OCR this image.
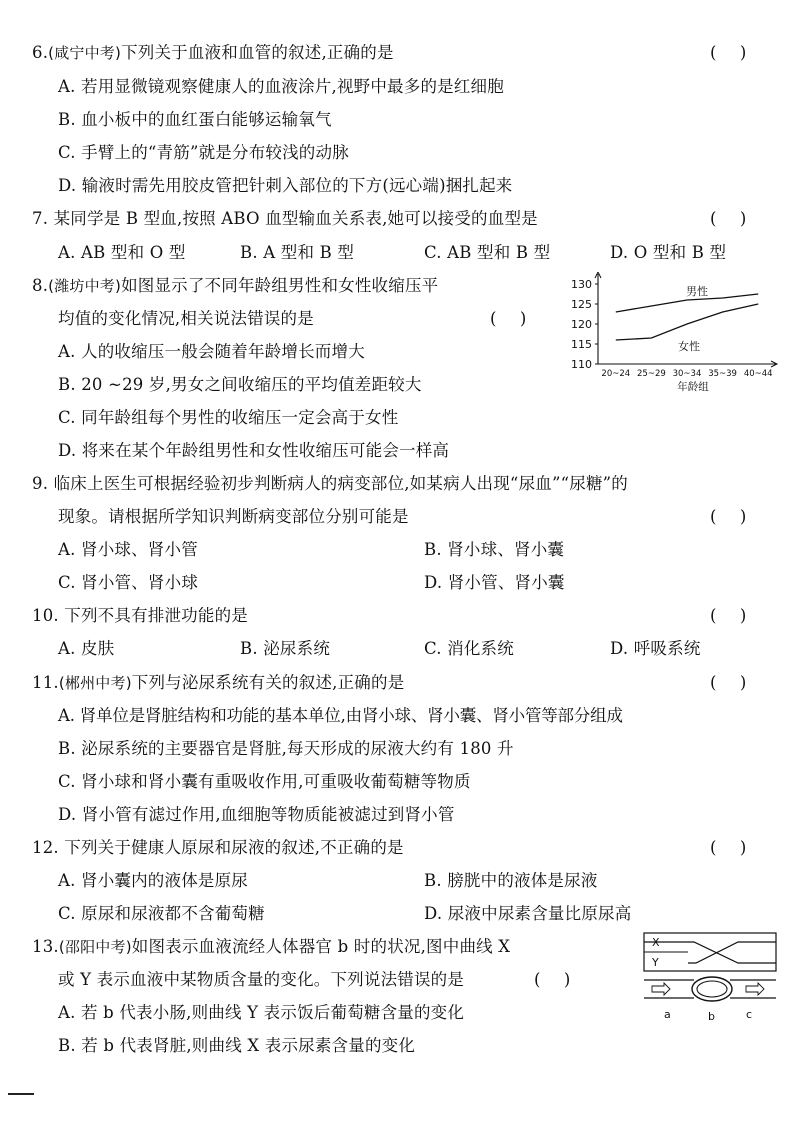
6.(咸宁中考)下列关于血液和血管的叙述,正确的是	(    )
A. 若用显微镜观察健康人的血液涂片,视野中最多的是红细胞
B. 血小板中的血红蛋白能够运输氧气
C. 手臂上的“青筋”就是分布较浅的动脉
D. 输液时需先用胶皮管把针刺入部位的下方(远心端)捆扎起来
7. 某同学是 B 型血,按照 ABO 血型输血关系表,她可以接受的血型是	(    )
A. AB 型和 O 型	B. A 型和 B 型	C. AB 型和 B 型	D. O 型和 B 型
8.(潍坊中考)如图显示了不同年龄组男性和女性收缩压平
均值的变化情况,相关说法错误的是	(    )
A. 人的收缩压一般会随着年龄增长而增大
B. 20 ~29 岁,男女之间收缩压的平均值差距较大
C. 同年龄组每个男性的收缩压一定会高于女性
D. 将来在某个年龄组男性和女性收缩压可能会一样高
110
115
120
125
130
20~24 25~29 30~34 35~39 40~44
年龄组
男性
女性
9. 临床上医生可根据经验初步判断病人的病变部位,如某病人出现“尿血”“尿糖”的
现象。请根据所学知识判断病变部位分别可能是	(    )
A. 肾小球、肾小管	B. 肾小球、肾小囊
C. 肾小管、肾小球	D. 肾小管、肾小囊
10. 下列不具有排泄功能的是	(    )
A. 皮肤	B. 泌尿系统	C. 消化系统	D. 呼吸系统
11.(郴州中考)下列与泌尿系统有关的叙述,正确的是	(    )
A. 肾单位是肾脏结构和功能的基本单位,由肾小球、肾小囊、肾小管等部分组成
B. 泌尿系统的主要器官是肾脏,每天形成的尿液大约有 180 升
C. 肾小球和肾小囊有重吸收作用,可重吸收葡萄糖等物质
D. 肾小管有滤过作用,血细胞等物质能被滤过到肾小管
12. 下列关于健康人原尿和尿液的叙述,不正确的是	(    )
A. 肾小囊内的液体是原尿	B. 膀胱中的液体是尿液
C. 原尿和尿液都不含葡萄糖	D. 尿液中尿素含量比原尿高
13.(邵阳中考)如图表示血液流经人体器官 b 时的状况,图中曲线 X
或 Y 表示血液中某物质含量的变化。下列说法错误的是	(    )
A. 若 b 代表小肠,则曲线 Y 表示饭后葡萄糖含量的变化
B. 若 b 代表肾脏,则曲线 X 表示尿素含量的变化
X
Y
a	b	c
